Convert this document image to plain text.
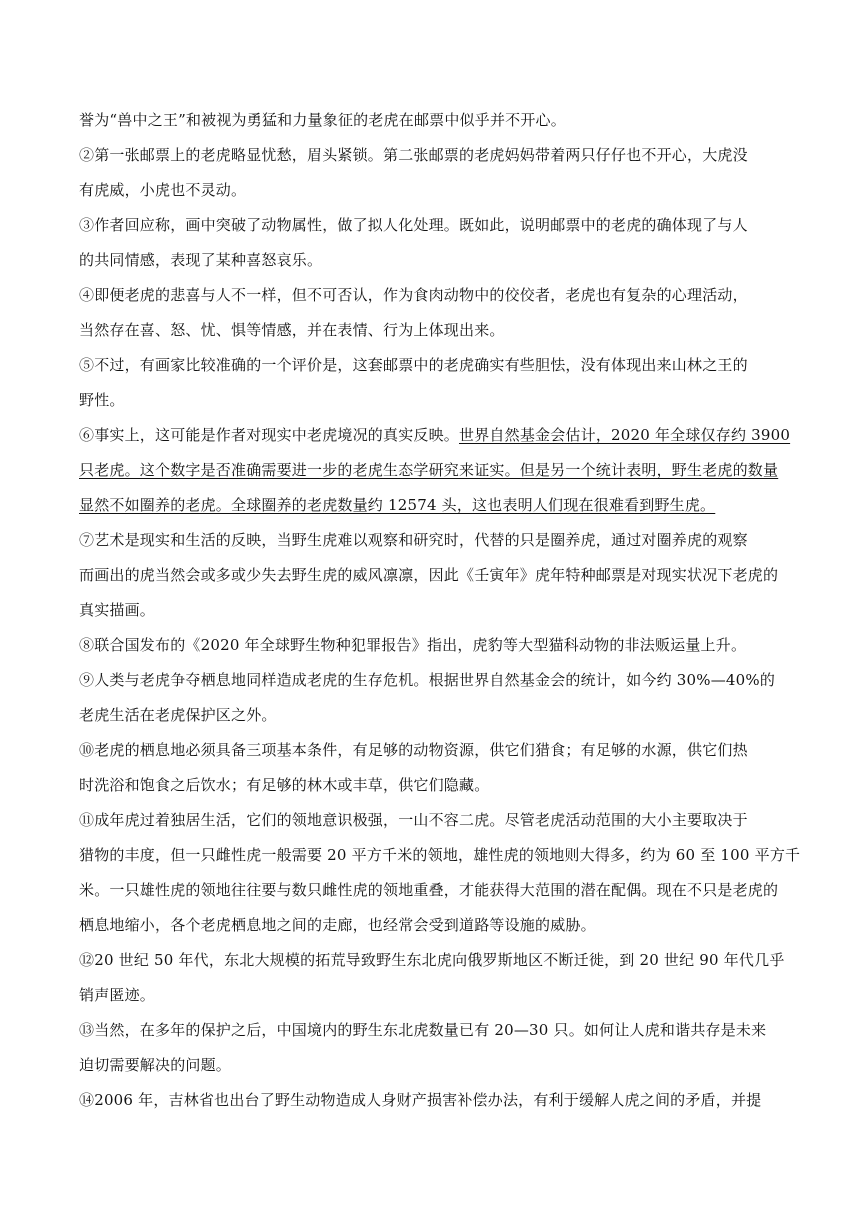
誉为“兽中之王”和被视为勇猛和力量象征的老虎在邮票中似乎并不开心。
②第一张邮票上的老虎略显忧愁，眉头紧锁。第二张邮票的老虎妈妈带着两只仔仔也不开心，大虎没
有虎威，小虎也不灵动。
③作者回应称，画中突破了动物属性，做了拟人化处理。既如此，说明邮票中的老虎的确体现了与人
的共同情感，表现了某种喜怒哀乐。
④即便老虎的悲喜与人不一样，但不可否认，作为食肉动物中的佼佼者，老虎也有复杂的心理活动，
当然存在喜、怒、忧、惧等情感，并在表情、行为上体现出来。
⑤不过，有画家比较准确的一个评价是，这套邮票中的老虎确实有些胆怯，没有体现出来山林之王的
野性。
⑥事实上，这可能是作者对现实中老虎境况的真实反映。世界自然基金会估计，2020 年全球仅存约 3900
只老虎。这个数字是否准确需要进一步的老虎生态学研究来证实。但是另一个统计表明，野生老虎的数量
显然不如圈养的老虎。全球圈养的老虎数量约 12574 头，这也表明人们现在很难看到野生虎。
⑦艺术是现实和生活的反映，当野生虎难以观察和研究时，代替的只是圈养虎，通过对圈养虎的观察
而画出的虎当然会或多或少失去野生虎的威风凛凛，因此《壬寅年》虎年特种邮票是对现实状况下老虎的
真实描画。
⑧联合国发布的《2020 年全球野生物种犯罪报告》指出，虎豹等大型猫科动物的非法贩运量上升。
⑨人类与老虎争夺栖息地同样造成老虎的生存危机。根据世界自然基金会的统计，如今约 30%—40%的
老虎生活在老虎保护区之外。
⑩老虎的栖息地必须具备三项基本条件，有足够的动物资源，供它们猎食；有足够的水源，供它们热
时洗浴和饱食之后饮水；有足够的林木或丰草，供它们隐藏。
⑪成年虎过着独居生活，它们的领地意识极强，一山不容二虎。尽管老虎活动范围的大小主要取决于
猎物的丰度，但一只雌性虎一般需要 20 平方千米的领地，雄性虎的领地则大得多，约为 60 至 100 平方千
米。一只雄性虎的领地往往要与数只雌性虎的领地重叠，才能获得大范围的潜在配偶。现在不只是老虎的
栖息地缩小，各个老虎栖息地之间的走廊，也经常会受到道路等设施的威胁。
⑫20 世纪 50 年代，东北大规模的拓荒导致野生东北虎向俄罗斯地区不断迁徙，到 20 世纪 90 年代几乎
销声匿迹。
⑬当然，在多年的保护之后，中国境内的野生东北虎数量已有 20—30 只。如何让人虎和谐共存是未来
迫切需要解决的问题。
⑭2006 年，吉林省也出台了野生动物造成人身财产损害补偿办法，有利于缓解人虎之间的矛盾，并提
